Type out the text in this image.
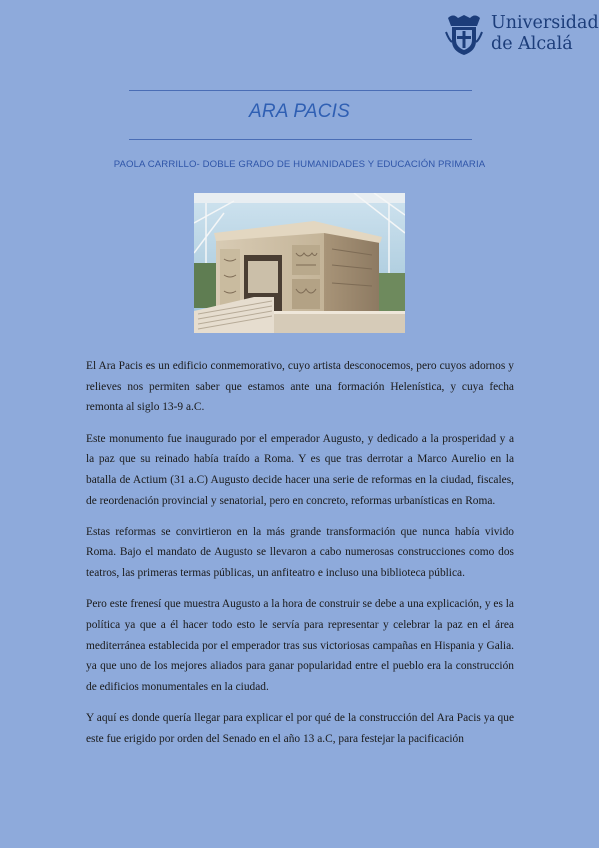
Universidad
de Alcalá
ARA PACIS
PAOLA CARRILLO- DOBLE GRADO DE HUMANIDADES Y EDUCACIÓN PRIMARIA

El Ara Pacis es un edificio conmemorativo, cuyo artista desconocemos, pero cuyos adornos y relieves nos permiten saber que estamos ante una formación Helenística, y cuya fecha remonta al siglo 13-9 a.C.

Este monumento fue inaugurado por el emperador Augusto, y dedicado a la prosperidad y a la paz que su reinado había traído a Roma. Y es que tras derrotar a Marco Aurelio en la batalla de Actium (31 a.C) Augusto decide hacer una serie de reformas en la ciudad, fiscales, de reordenación provincial y senatorial, pero en concreto, reformas urbanísticas en Roma.

Estas reformas se convirtieron en la más grande transformación que nunca había vivido Roma. Bajo el mandato de Augusto se llevaron a cabo numerosas construcciones como dos teatros, las primeras termas públicas, un anfiteatro e incluso una biblioteca pública.

Pero este frenesí que muestra Augusto a la hora de construir se debe a una explicación, y es la política ya que a él hacer todo esto le servía para representar y celebrar la paz en el área mediterránea establecida por el emperador tras sus victoriosas campañas en Hispania y Galia. ya que uno de los mejores aliados para ganar popularidad entre el pueblo era la construcción de edificios monumentales en la ciudad.

Y aquí es donde quería llegar para explicar el por qué de la construcción del Ara Pacis ya que este fue erigido por orden del Senado en el año 13 a.C, para festejar la pacificación
